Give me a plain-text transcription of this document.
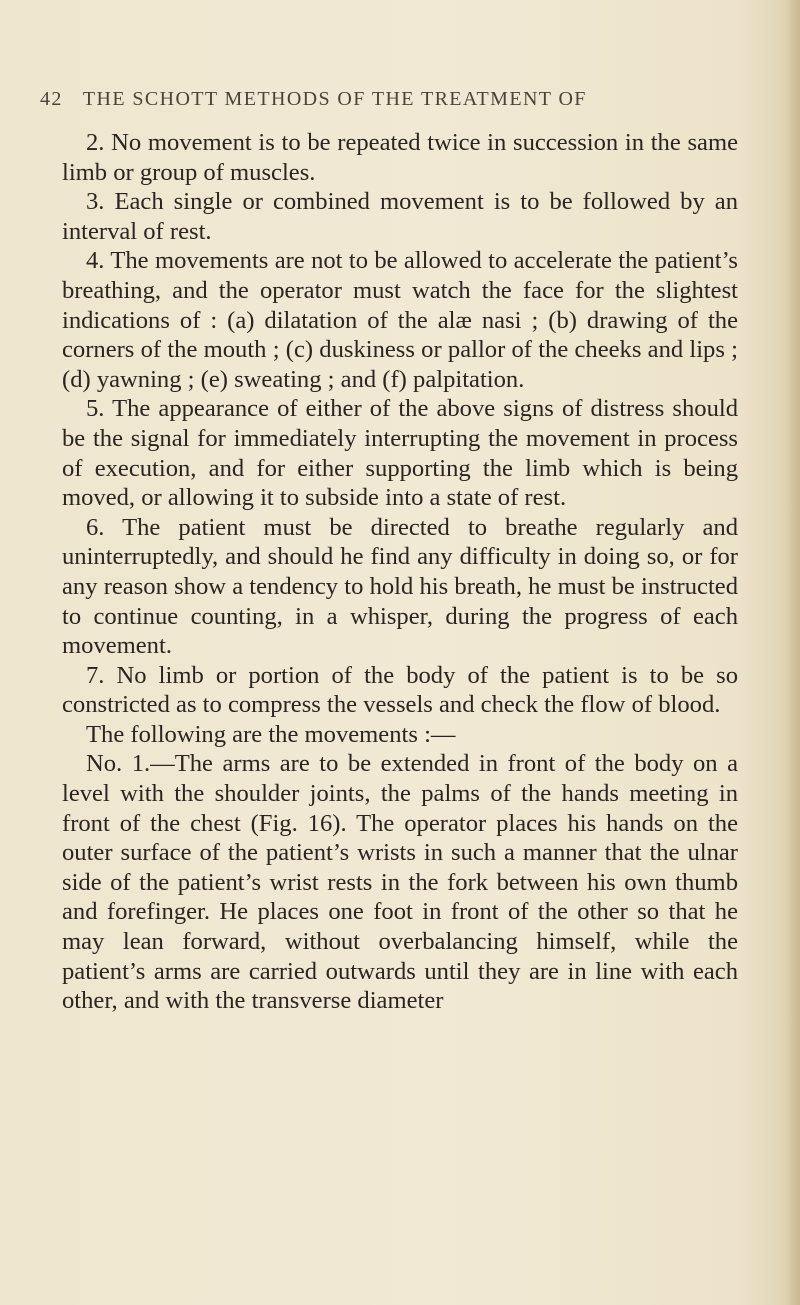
42 THE SCHOTT METHODS OF THE TREATMENT OF

2. No movement is to be repeated twice in succession in the same limb or group of muscles.

3. Each single or combined movement is to be followed by an interval of rest.

4. The movements are not to be allowed to accelerate the patient’s breathing, and the operator must watch the face for the slightest indications of : (a) dilatation of the alæ nasi ; (b) drawing of the corners of the mouth ; (c) duskiness or pallor of the cheeks and lips ; (d) yawning ; (e) sweating ; and (f) palpitation.

5. The appearance of either of the above signs of distress should be the signal for immediately interrupting the movement in process of execution, and for either supporting the limb which is being moved, or allowing it to subside into a state of rest.

6. The patient must be directed to breathe regularly and uninterruptedly, and should he find any difficulty in doing so, or for any reason show a tendency to hold his breath, he must be instructed to continue counting, in a whisper, during the progress of each movement.

7. No limb or portion of the body of the patient is to be so constricted as to compress the vessels and check the flow of blood.

The following are the movements :—

No. 1.—The arms are to be extended in front of the body on a level with the shoulder joints, the palms of the hands meeting in front of the chest (Fig. 16). The operator places his hands on the outer surface of the patient’s wrists in such a manner that the ulnar side of the patient’s wrist rests in the fork between his own thumb and forefinger. He places one foot in front of the other so that he may lean forward, without overbalancing himself, while the patient’s arms are carried outwards until they are in line with each other, and with the transverse diameter
